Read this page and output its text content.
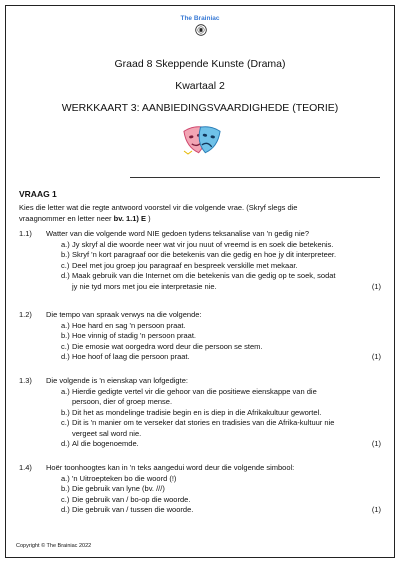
The Brainiac
Graad 8 Skeppende Kunste (Drama)
Kwartaal 2
WERKKAART 3: AANBIEDINGSVAARDIGHEDE (TEORIE)
VRAAG 1
Kies die letter wat die regte antwoord voorstel vir die volgende vrae. (Skryf slegs die
vraagnommer en letter neer bv. 1.1) E )
1.1) Watter van die volgende word NIE gedoen tydens teksanalise van 'n gedig nie?
a.) Jy skryf al die woorde neer wat vir jou nuut of vreemd is en soek die betekenis.
b.) Skryf 'n kort paragraaf oor die betekenis van die gedig en hoe jy dit interpreteer.
c.) Deel met jou groep jou paragraaf en bespreek verskille met mekaar.
d.) Maak gebruik van die Internet om die betekenis van die gedig op te soek, sodat
jy nie tyd mors met jou eie interpretasie nie.	(1)
1.2) Die tempo van spraak verwys na die volgende:
a.) Hoe hard en sag 'n persoon praat.
b.) Hoe vinnig of stadig 'n persoon praat.
c.) Die emosie wat oorgedra word deur die persoon se stem.
d.) Hoe hoof of laag die persoon praat.	(1)
1.3) Die volgende is 'n eienskap van lofgedigte:
a.) Hierdie gedigte vertel vir die gehoor van die positiewe eienskappe van die
persoon, dier of groep mense.
b.) Dit het as mondelinge tradisie begin en is diep in die Afrikakultuur gewortel.
c.) Dit is 'n manier om te verseker dat stories en tradisies van die Afrika-kultuur nie
vergeet sal word nie.
d.) Al die bogenoemde.	(1)
1.4) Hoër toonhoogtes kan in 'n teks aangedui word deur die volgende simbool:
a.) 'n Uitroepteken bo die woord (!)
b.) Die gebruik van lyne (bv. ///)
c.) Die gebruik van / bo-op die woorde.
d.) Die gebruik van / tussen die woorde.	(1)
Copyright © The Brainiac 2022
